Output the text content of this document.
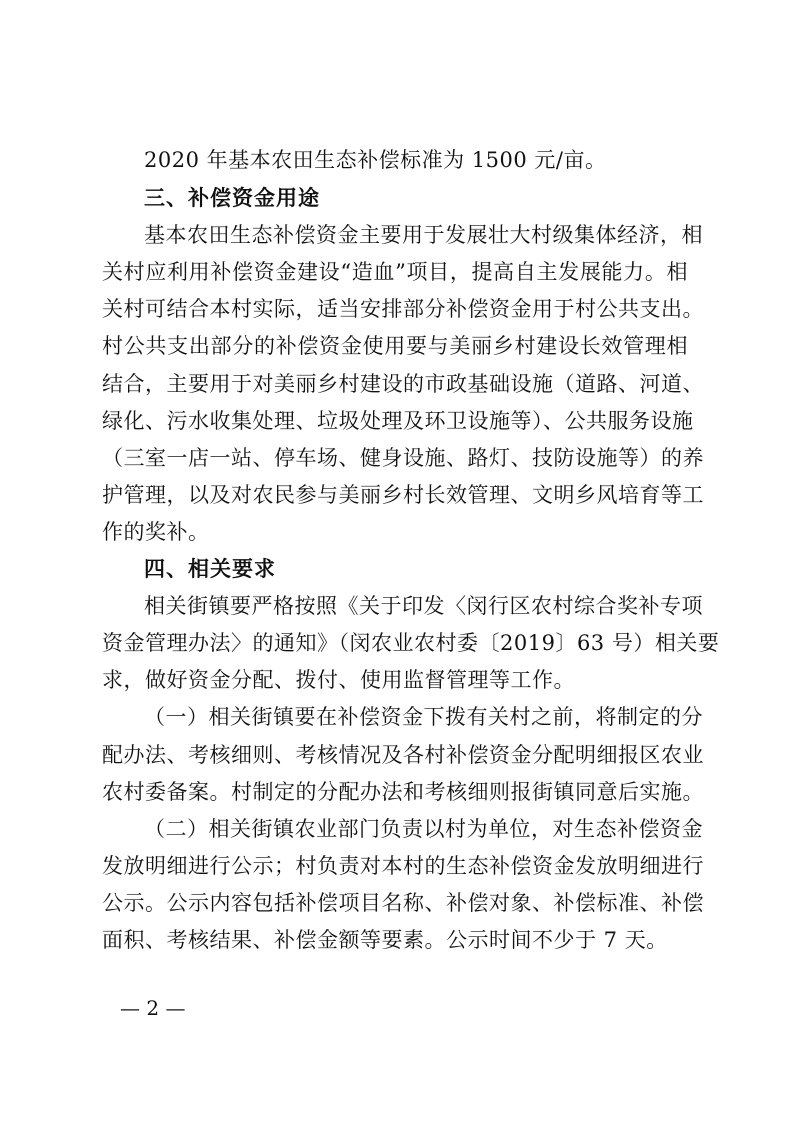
2020 年基本农田生态补偿标准为 1500 元/亩。
三、补偿资金用途
基本农田生态补偿资金主要用于发展壮大村级集体经济，相
关村应利用补偿资金建设“造血”项目，提高自主发展能力。相
关村可结合本村实际，适当安排部分补偿资金用于村公共支出。
村公共支出部分的补偿资金使用要与美丽乡村建设长效管理相
结合，主要用于对美丽乡村建设的市政基础设施（道路、河道、
绿化、污水收集处理、垃圾处理及环卫设施等）、公共服务设施
（三室一店一站、停车场、健身设施、路灯、技防设施等）的养
护管理，以及对农民参与美丽乡村长效管理、文明乡风培育等工
作的奖补。
四、相关要求
相关街镇要严格按照《关于印发〈闵行区农村综合奖补专项
资金管理办法〉的通知》（闵农业农村委〔2019〕63 号）相关要
求，做好资金分配、拨付、使用监督管理等工作。
（一）相关街镇要在补偿资金下拨有关村之前，将制定的分
配办法、考核细则、考核情况及各村补偿资金分配明细报区农业
农村委备案。村制定的分配办法和考核细则报街镇同意后实施。
（二）相关街镇农业部门负责以村为单位，对生态补偿资金
发放明细进行公示；村负责对本村的生态补偿资金发放明细进行
公示。公示内容包括补偿项目名称、补偿对象、补偿标准、补偿
面积、考核结果、补偿金额等要素。公示时间不少于 7 天。
— 2 —
